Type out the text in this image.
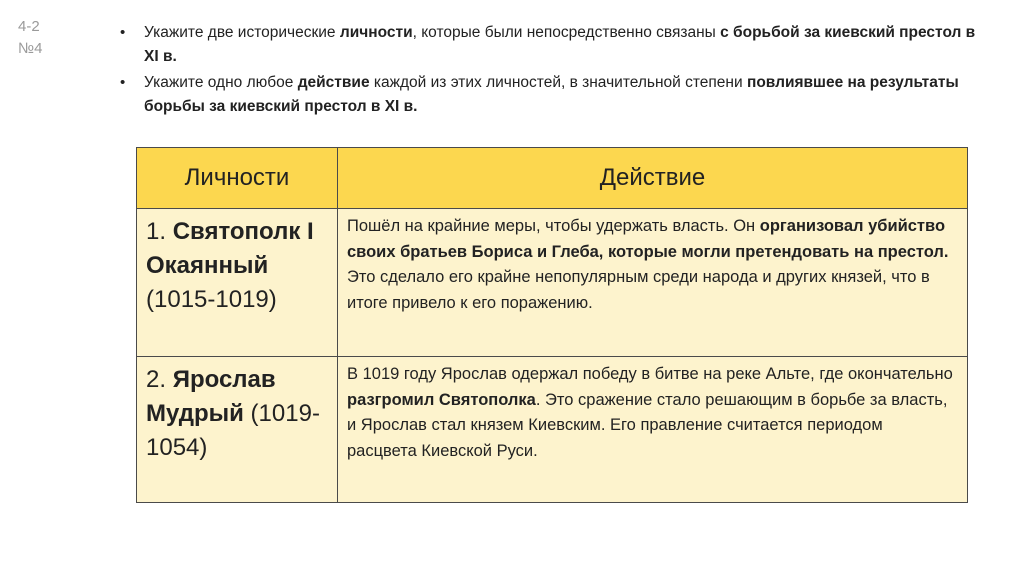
4-2
№4
• Укажите две исторические личности, которые были непосредственно связаны с борьбой за киевский престол в XI в.
• Укажите одно любое действие каждой из этих личностей, в значительной степени повлиявшее на результаты борьбы за киевский престол в XI в.
Личности	Действие
1. Святополк I Окаянный (1015-1019)	Пошёл на крайние меры, чтобы удержать власть. Он организовал убийство своих братьев Бориса и Глеба, которые могли претендовать на престол. Это сделало его крайне непопулярным среди народа и других князей, что в итоге привело к его поражению.
2. Ярослав Мудрый (1019-1054)	В 1019 году Ярослав одержал победу в битве на реке Альте, где окончательно разгромил Святополка. Это сражение стало решающим в борьбе за власть, и Ярослав стал князем Киевским. Его правление считается периодом расцвета Киевской Руси.
